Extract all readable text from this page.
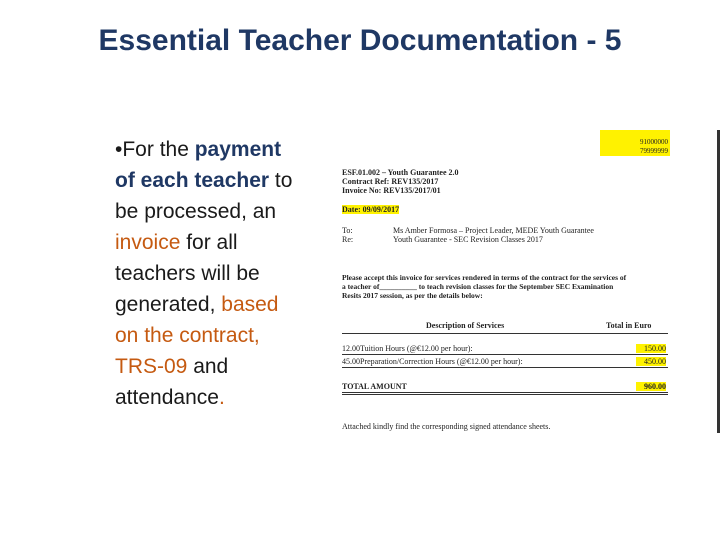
Essential Teacher Documentation - 5
•For the payment of each teacher to be processed, an invoice for all teachers will be generated, based on the contract, TRS-09 and attendance.
91000000
79999999
ESF.01.002 – Youth Guarantee 2.0
Contract Ref: REV135/2017
Invoice No: REV135/2017/01
Date: 09/09/2017
To:	Ms Amber Formosa – Project Leader, MEDE Youth Guarantee
Re:	Youth Guarantee - SEC Revision Classes 2017
Please accept this invoice for services rendered in terms of the contract for the services of
a teacher of__________ to teach revision classes for the September SEC Examination
Resits 2017 session, as per the details below:
Description of Services	Total in Euro
12.00Tuition Hours (@€12.00 per hour):	150.00
45.00Preparation/Correction Hours (@€12.00 per hour):	450.00
TOTAL AMOUNT	960.00
Attached kindly find the corresponding signed attendance sheets.
